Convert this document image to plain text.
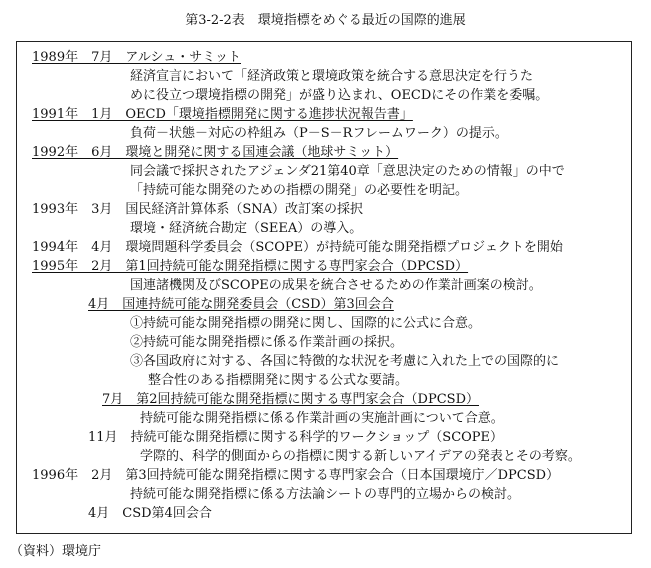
第3-2-2表　環境指標をめぐる最近の国際的進展
1989年　7月　アルシュ・サミット
経済宣言において「経済政策と環境政策を統合する意思決定を行うた
めに役立つ環境指標の開発」が盛り込まれ、OECDにその作業を委嘱。
1991年　1月　OECD「環境指標開発に関する進捗状況報告書」
負荷－状態－対応の枠組み（P－S－Rフレームワーク）の提示。
1992年　6月　環境と開発に関する国連会議（地球サミット）
同会議で採択されたアジェンダ21第40章「意思決定のための情報」の中で
「持続可能な開発のための指標の開発」の必要性を明記。
1993年　3月　国民経済計算体系（SNA）改訂案の採択
環境・経済統合勘定（SEEA）の導入。
1994年　4月　環境問題科学委員会（SCOPE）が持続可能な開発指標プロジェクトを開始
1995年　2月　第1回持続可能な開発指標に関する専門家会合（DPCSD）
国連諸機関及びSCOPEの成果を統合させるための作業計画案の検討。
4月　国連持続可能な開発委員会（CSD）第3回会合
①持続可能な開発指標の開発に関し、国際的に公式に合意。
②持続可能な開発指標に係る作業計画の採択。
③各国政府に対する、各国に特徴的な状況を考慮に入れた上での国際的に
整合性のある指標開発に関する公式な要請。
7月　第2回持続可能な開発指標に関する専門家会合（DPCSD）
持続可能な開発指標に係る作業計画の実施計画について合意。
11月　持続可能な開発指標に関する科学的ワークショップ（SCOPE）
学際的、科学的側面からの指標に関する新しいアイデアの発表とその考察。
1996年　2月　第3回持続可能な開発指標に関する専門家会合（日本国環境庁／DPCSD）
持続可能な開発指標に係る方法論シートの専門的立場からの検討。
4月　CSD第4回会合
（資料）環境庁
